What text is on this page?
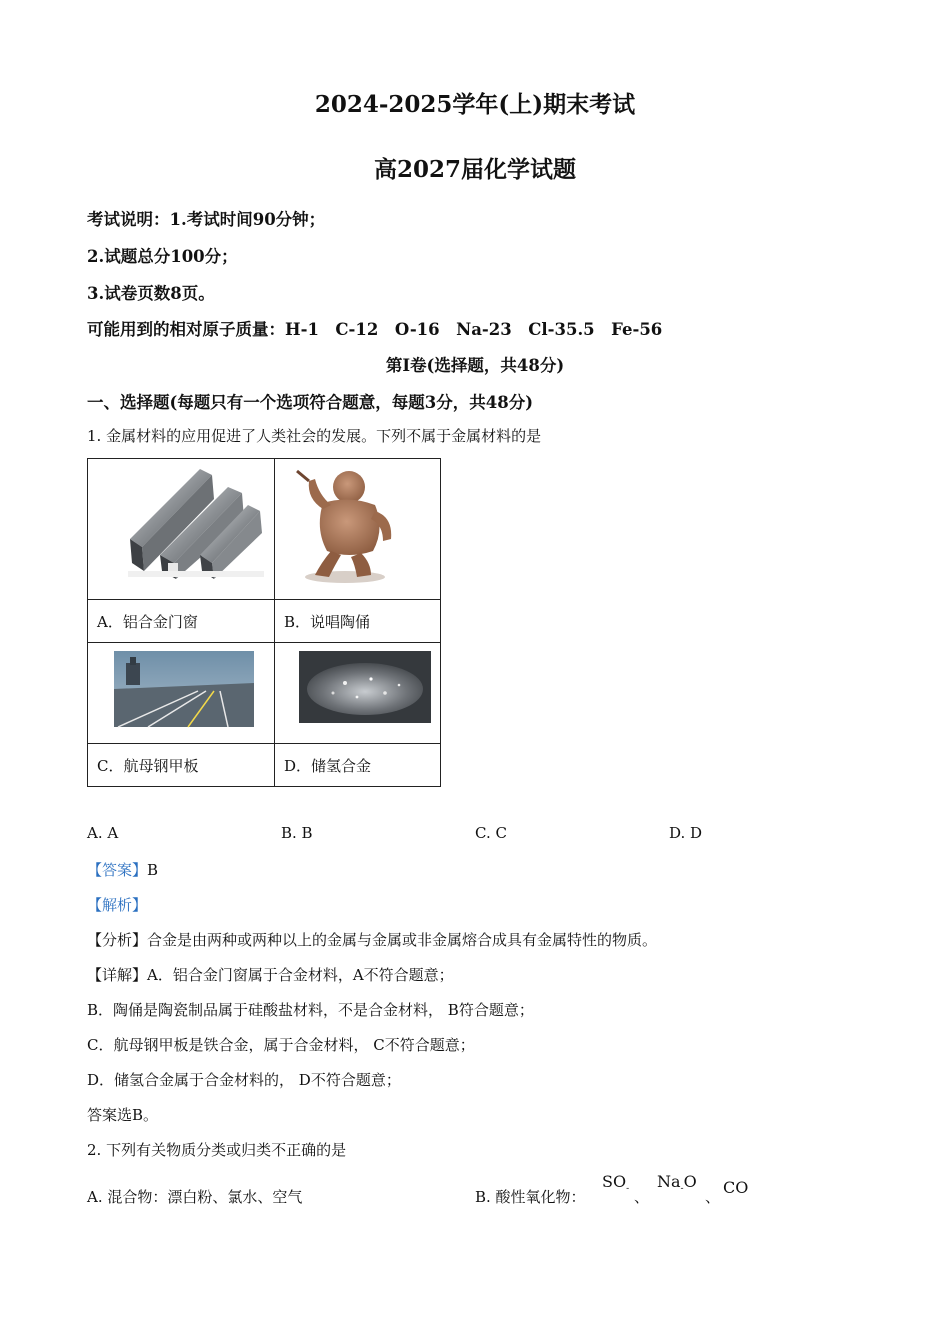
2024-2025学年(上)期末考试
高2027届化学试题
考试说明：1.考试时间90分钟；
2.试题总分100分；
3.试卷页数8页。
可能用到的相对原子质量：H-1　C-12　O-16　Na-23　Cl-35.5　Fe-56
第I卷(选择题，共48分)
一、选择题(每题只有一个选项符合题意，每题3分，共48分)
1. 金属材料的应用促进了人类社会的发展。下列不属于金属材料的是

A．铝合金门窗	B．说唱陶俑

C．航母钢甲板	D．储氢合金
A. A	B. B	C. C	D. D
【答案】B
【解析】
【分析】合金是由两种或两种以上的金属与金属或非金属熔合成具有金属特性的物质。
【详解】A．铝合金门窗属于合金材料，A不符合题意；
B．陶俑是陶瓷制品属于硅酸盐材料，不是合金材料， B符合题意；
C．航母钢甲板是铁合金，属于合金材料， C不符合题意；
D．储氢合金属于合金材料的， D不符合题意；
答案选B。
2. 下列有关物质分类或归类不正确的是
A. 混合物：漂白粉、氯水、空气	B. 酸性氧化物：
$SO_-$ 、
$Na_-O$
、 CO
